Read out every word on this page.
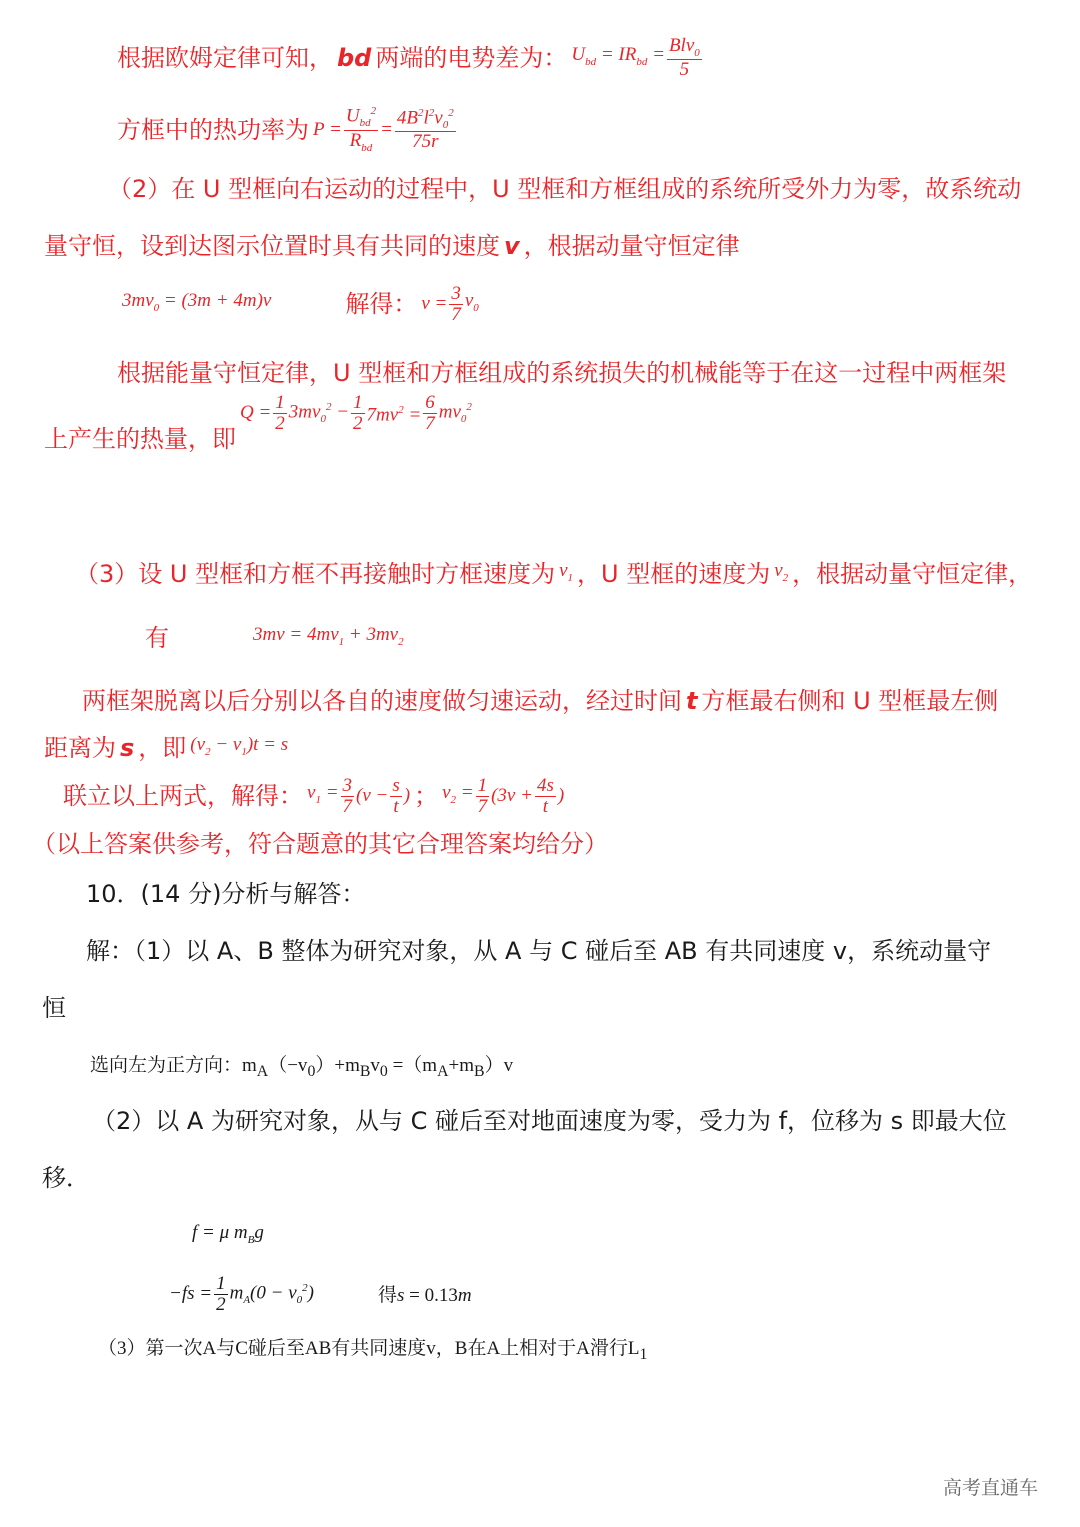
根据欧姆定律可知， bd 两端的电势差为： $U_{bd} = IR_{bd} = \frac{Blv_0}{5}$
方框中的热功率为 $P = \frac{U_{bd}^2}{R_{bd}} = \frac{4B^2l^2v_0^2}{75r}$
（2）在 U 型框向右运动的过程中，U 型框和方框组成的系统所受外力为零，故系统动
量守恒，设到达图示位置时具有共同的速度 v ，根据动量守恒定律
$3mv_0 = (3m + 4m)v$	解得： $v = \frac{3}{7} v_0$
根据能量守恒定律，U 型框和方框组成的系统损失的机械能等于在这一过程中两框架
$Q = \frac{1}{2} 3mv_0^2 - \frac{1}{2} 7mv^2 = \frac{6}{7} mv_0^2$
上产生的热量，即
（3）设 U 型框和方框不再接触时方框速度为 $v_1$ ，U 型框的速度为 $v_2$ ，根据动量守恒定律，
有	$3mv = 4mv_1 + 3mv_2$
两框架脱离以后分别以各自的速度做匀速运动，经过时间 t 方框最右侧和 U 型框最左侧
距离为 s ，即 $(v_2 - v_1)t = s$
联立以上两式，解得： $v_1 = \frac{3}{7} (v - \frac{s}{t}$ ) ； $v_2 = \frac{1}{7} (3v + \frac{4s}{t}$ )
（以上答案供参考，符合题意的其它合理答案均给分）
10．(14 分)分析与解答：
解：（1）以 A、B 整体为研究对象，从 A 与 C 碰后至 AB 有共同速度 v，系统动量守
恒
选向左为正方向：$m_A(-v_0)+m_Bv_0 =(m_A+m_B)v$
（2）以 A 为研究对象，从与 C 碰后至对地面速度为零，受力为 f，位移为 s 即最大位
移．
f = μ $m_Bg$
$-fs = \frac{1}{2} m_A(0 - v_0^2)$	得s = 0.13m
（3）第一次A与C碰后至AB有共同速度v，B在A上相对于A滑行$L_1$
高考直通车
